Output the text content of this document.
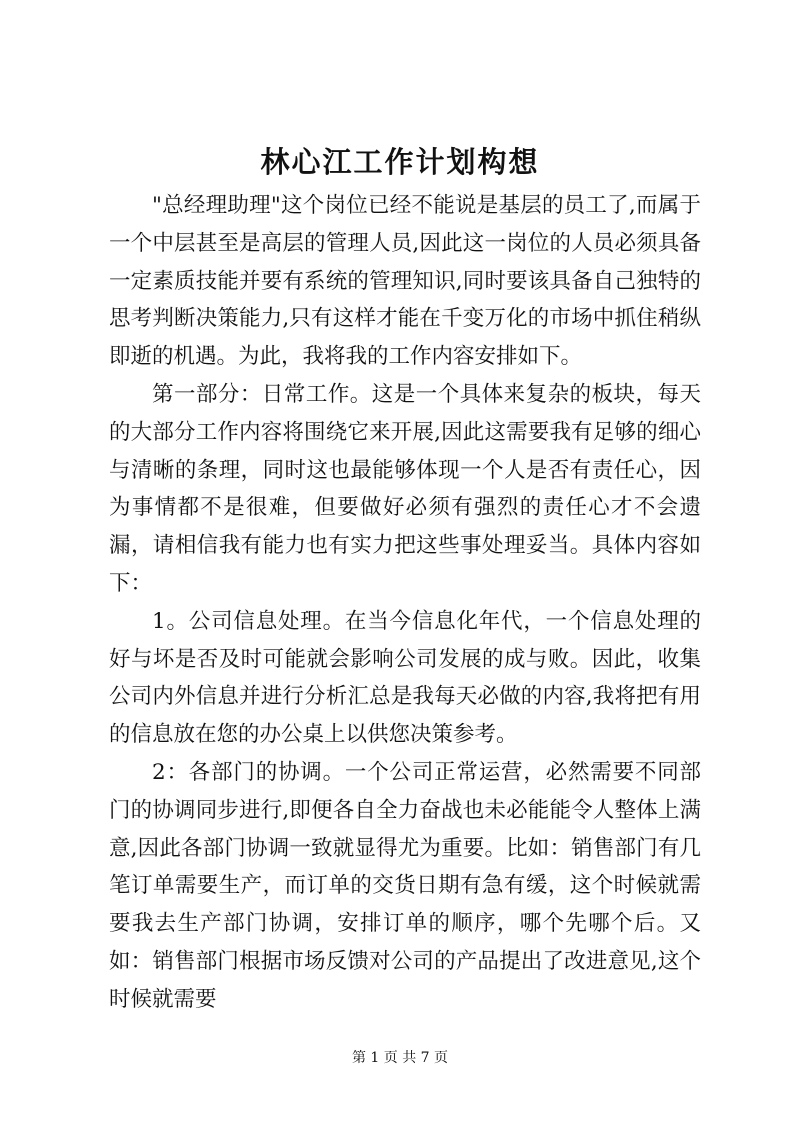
林心江工作计划构想

"总经理助理"这个岗位已经不能说是基层的员工了,而属于一个中层甚至是高层的管理人员,因此这一岗位的人员必须具备一定素质技能并要有系统的管理知识,同时要该具备自己独特的思考判断决策能力,只有这样才能在千变万化的市场中抓住稍纵即逝的机遇。为此，我将我的工作内容安排如下。

第一部分：日常工作。这是一个具体来复杂的板块，每天的大部分工作内容将围绕它来开展,因此这需要我有足够的细心与清晰的条理，同时这也最能够体现一个人是否有责任心，因为事情都不是很难，但要做好必须有强烈的责任心才不会遗漏，请相信我有能力也有实力把这些事处理妥当。具体内容如下：

1。公司信息处理。在当今信息化年代，一个信息处理的好与坏是否及时可能就会影响公司发展的成与败。因此，收集公司内外信息并进行分析汇总是我每天必做的内容,我将把有用的信息放在您的办公桌上以供您决策参考。

2：各部门的协调。一个公司正常运营，必然需要不同部门的协调同步进行,即便各自全力奋战也未必能能令人整体上满意,因此各部门协调一致就显得尤为重要。比如：销售部门有几笔订单需要生产，而订单的交货日期有急有缓，这个时候就需要我去生产部门协调，安排订单的顺序，哪个先哪个后。又如：销售部门根据市场反馈对公司的产品提出了改进意见,这个时候就需要

第 1 页 共 7 页
